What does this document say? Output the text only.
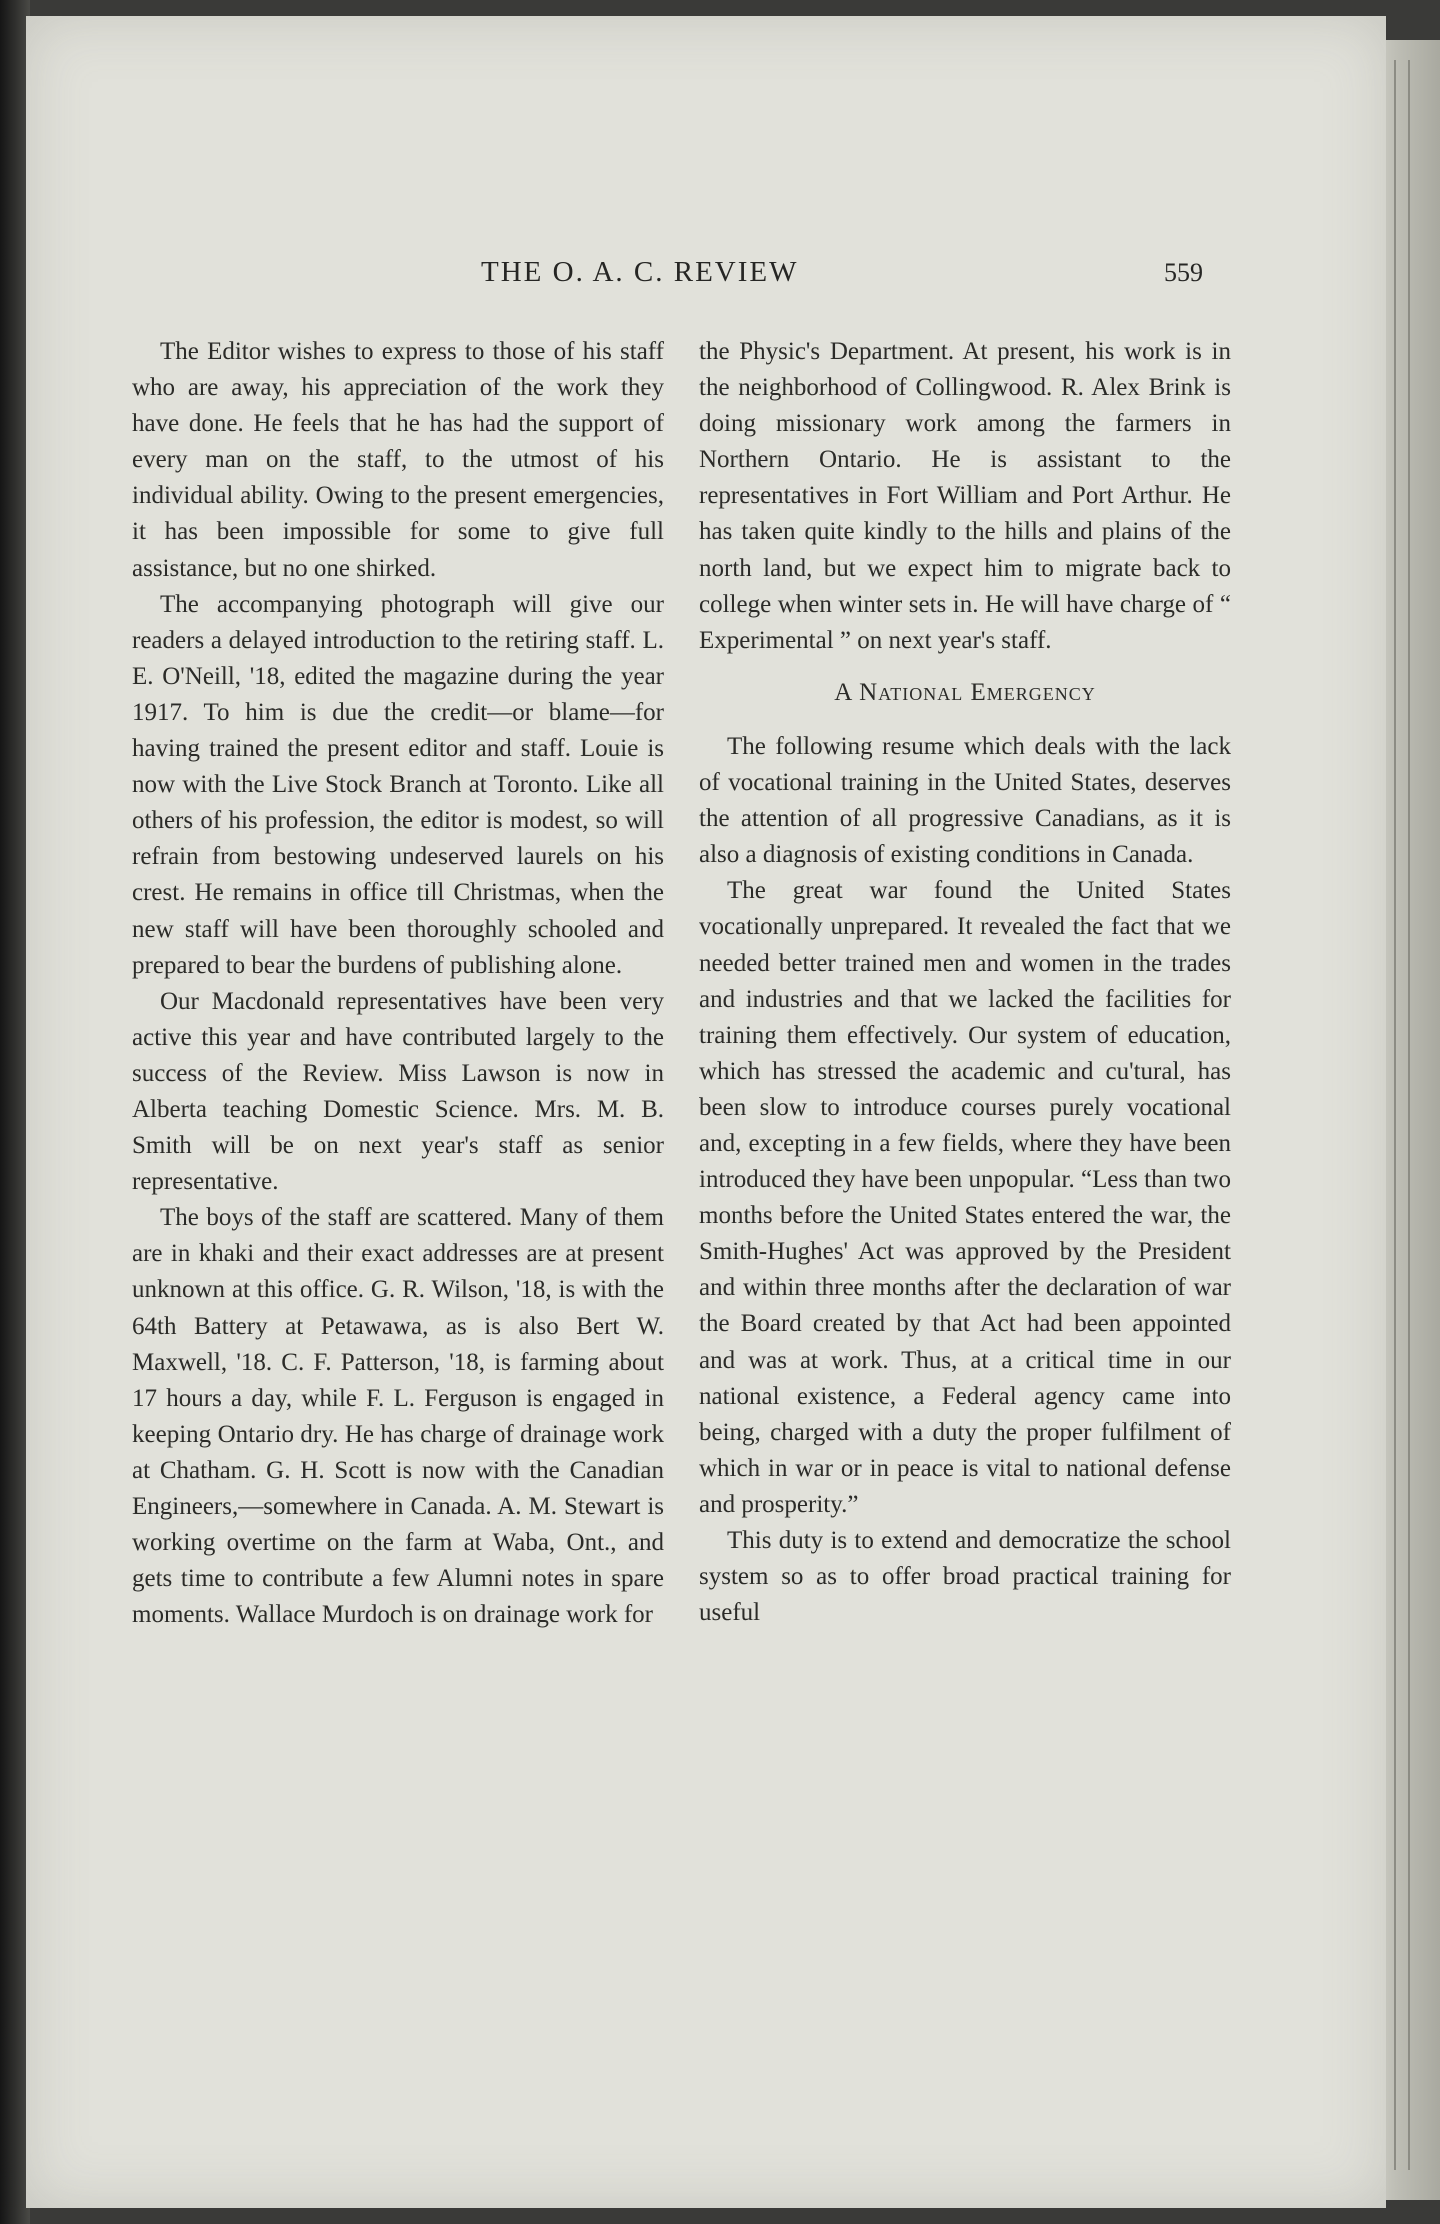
THE O. A. C. REVIEW	559

The Editor wishes to express to those of his staff who are away, his appreciation of the work they have done. He feels that he has had the support of every man on the staff, to the utmost of his individual ability. Owing to the present emergencies, it has been impossible for some to give full assistance, but no one shirked.

The accompanying photograph will give our readers a delayed introduction to the retiring staff. L. E. O'Neill, '18, edited the magazine during the year 1917. To him is due the credit—or blame—for having trained the present editor and staff. Louie is now with the Live Stock Branch at Toronto. Like all others of his profession, the editor is modest, so will refrain from bestowing undeserved laurels on his crest. He remains in office till Christmas, when the new staff will have been thoroughly schooled and prepared to bear the burdens of publishing alone.

Our Macdonald representatives have been very active this year and have contributed largely to the success of the Review. Miss Lawson is now in Alberta teaching Domestic Science. Mrs. M. B. Smith will be on next year's staff as senior representative.

The boys of the staff are scattered. Many of them are in khaki and their exact addresses are at present unknown at this office. G. R. Wilson, '18, is with the 64th Battery at Petawawa, as is also Bert W. Maxwell, '18. C. F. Patterson, '18, is farming about 17 hours a day, while F. L. Ferguson is engaged in keeping Ontario dry. He has charge of drainage work at Chatham. G. H. Scott is now with the Canadian Engineers,—somewhere in Canada. A. M. Stewart is working overtime on the farm at Waba, Ont., and gets time to contribute a few Alumni notes in spare moments. Wallace Murdoch is on drainage work for

the Physic's Department. At present, his work is in the neighborhood of Collingwood. R. Alex Brink is doing missionary work among the farmers in Northern Ontario. He is assistant to the representatives in Fort William and Port Arthur. He has taken quite kindly to the hills and plains of the north land, but we expect him to migrate back to college when winter sets in. He will have charge of “ Experimental ” on next year's staff.

A National Emergency

The following resume which deals with the lack of vocational training in the United States, deserves the attention of all progressive Canadians, as it is also a diagnosis of existing conditions in Canada.

The great war found the United States vocationally unprepared. It revealed the fact that we needed better trained men and women in the trades and industries and that we lacked the facilities for training them effectively. Our system of education, which has stressed the academic and cu'tural, has been slow to introduce courses purely vocational and, excepting in a few fields, where they have been introduced they have been unpopular. “Less than two months before the United States entered the war, the Smith-Hughes' Act was approved by the President and within three months after the declaration of war the Board created by that Act had been appointed and was at work. Thus, at a critical time in our national existence, a Federal agency came into being, charged with a duty the proper fulfilment of which in war or in peace is vital to national defense and prosperity.”

This duty is to extend and democratize the school system so as to offer broad practical training for useful
